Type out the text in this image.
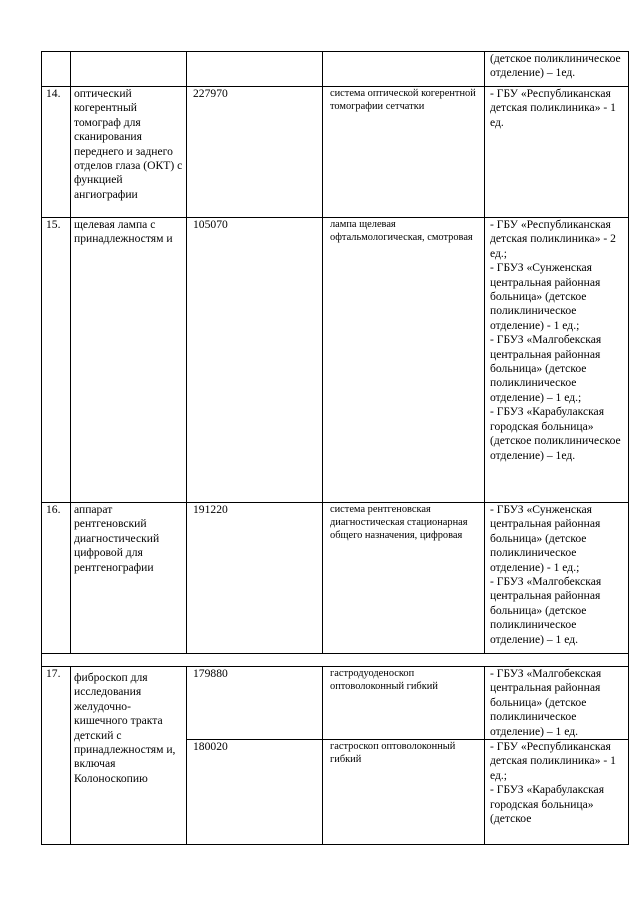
				(детское поликлиническое отделение) – 1ед.

14.	оптический когерентный томограф для сканирования переднего и заднего отделов глаза (ОКТ) с функцией ангиографии	227970	система оптической когерентной томографии сетчатки	- ГБУ «Республиканская детская поликлиника» - 1 ед.

15.	щелевая лампа с принадлежностям и	105070	лампа щелевая офтальмологическая, смотровая	- ГБУ «Республиканская детская поликлиника» - 2 ед.;
- ГБУЗ «Сунженская центральная районная больница» (детское поликлиническое отделение) - 1 ед.;
- ГБУЗ «Малгобекская центральная районная больница» (детское поликлиническое отделение) – 1 ед.;
- ГБУЗ «Карабулакская городская больница» (детское поликлиническое отделение) – 1ед.

16.	аппарат рентгеновский диагностический цифровой для рентгенографии	191220	система рентгеновская диагностическая стационарная общего назначения, цифровая	- ГБУЗ «Сунженская центральная районная больница» (детское поликлиническое отделение) - 1 ед.;
- ГБУЗ «Малгобекская центральная районная больница» (детское поликлиническое отделение) – 1 ед.

17.	фиброскоп для исследования желудочно-кишечного тракта детский с принадлежностям и, включая Колоноскопию	179880	гастродуоденоскоп оптоволоконный гибкий	- ГБУЗ «Малгобекская центральная районная больница» (детское поликлиническое отделение) – 1 ед.

		180020	гастроскоп оптоволоконный гибкий	- ГБУ «Республиканская детская поликлиника» - 1 ед.;
- ГБУЗ «Карабулакская городская больница» (детское
